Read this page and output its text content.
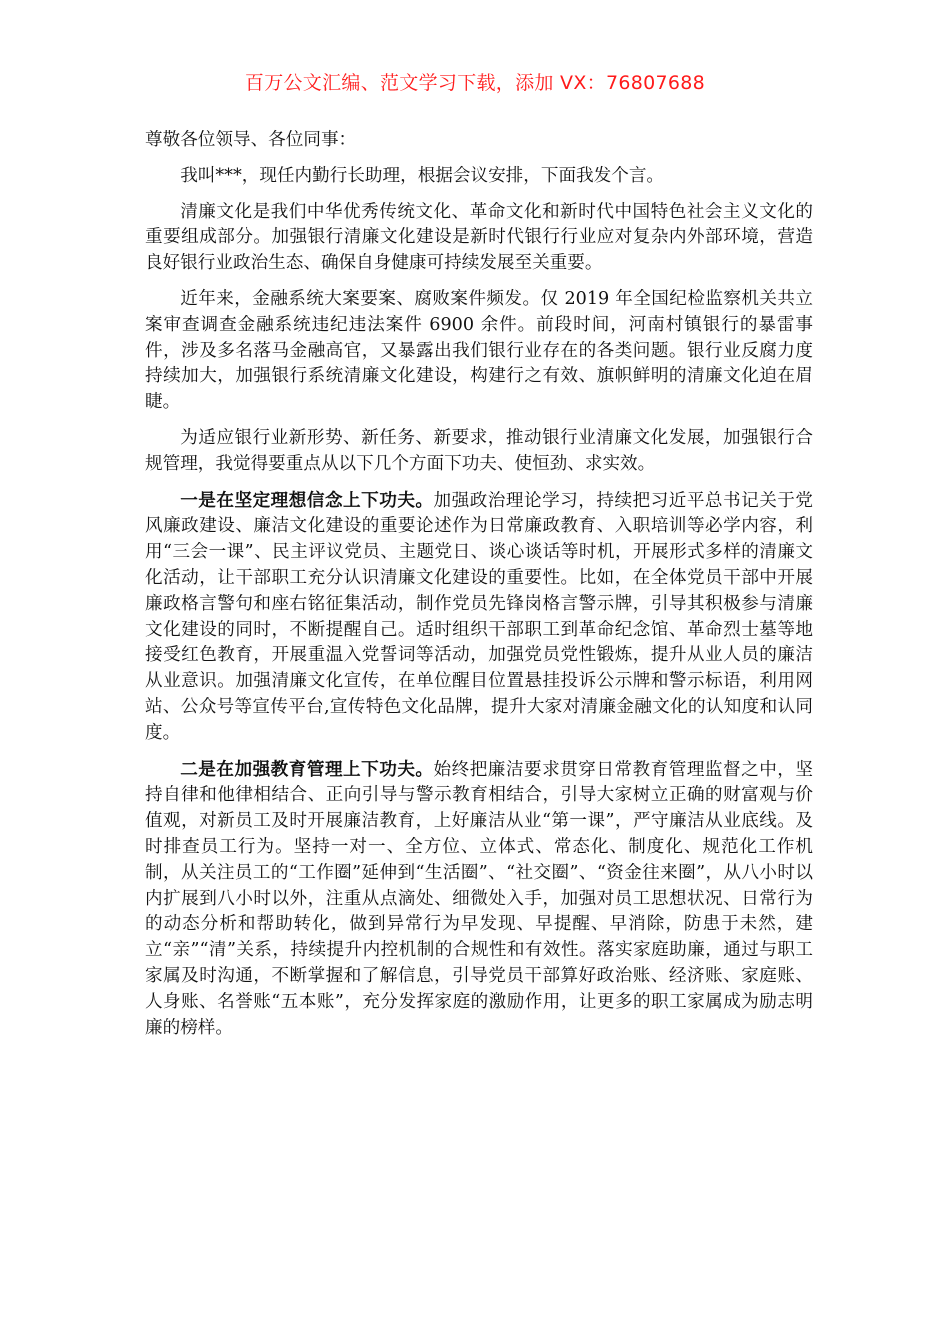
百万公文汇编、范文学习下载，添加 VX：76807688

尊敬各位领导、各位同事：

我叫***，现任内勤行长助理，根据会议安排，下面我发个言。

清廉文化是我们中华优秀传统文化、革命文化和新时代中国特色社会主义文化的重要组成部分。加强银行清廉文化建设是新时代银行行业应对复杂内外部环境，营造良好银行业政治生态、确保自身健康可持续发展至关重要。

近年来，金融系统大案要案、腐败案件频发。仅 2019 年全国纪检监察机关共立案审查调查金融系统违纪违法案件 6900 余件。前段时间，河南村镇银行的暴雷事件，涉及多名落马金融高官，又暴露出我们银行业存在的各类问题。银行业反腐力度持续加大，加强银行系统清廉文化建设，构建行之有效、旗帜鲜明的清廉文化迫在眉睫。

为适应银行业新形势、新任务、新要求，推动银行业清廉文化发展，加强银行合规管理，我觉得要重点从以下几个方面下功夫、使恒劲、求实效。

一是在坚定理想信念上下功夫。加强政治理论学习，持续把习近平总书记关于党风廉政建设、廉洁文化建设的重要论述作为日常廉政教育、入职培训等必学内容，利用“三会一课”、民主评议党员、主题党日、谈心谈话等时机，开展形式多样的清廉文化活动，让干部职工充分认识清廉文化建设的重要性。比如，在全体党员干部中开展廉政格言警句和座右铭征集活动，制作党员先锋岗格言警示牌，引导其积极参与清廉文化建设的同时，不断提醒自己。适时组织干部职工到革命纪念馆、革命烈士墓等地接受红色教育，开展重温入党誓词等活动，加强党员党性锻炼，提升从业人员的廉洁从业意识。加强清廉文化宣传，在单位醒目位置悬挂投诉公示牌和警示标语，利用网站、公众号等宣传平台,宣传特色文化品牌，提升大家对清廉金融文化的认知度和认同度。

二是在加强教育管理上下功夫。始终把廉洁要求贯穿日常教育管理监督之中，坚持自律和他律相结合、正向引导与警示教育相结合，引导大家树立正确的财富观与价值观，对新员工及时开展廉洁教育，上好廉洁从业“第一课”，严守廉洁从业底线。及时排查员工行为。坚持一对一、全方位、立体式、常态化、制度化、规范化工作机制，从关注员工的“工作圈”延伸到“生活圈”、“社交圈”、“资金往来圈”，从八小时以内扩展到八小时以外，注重从点滴处、细微处入手，加强对员工思想状况、日常行为的动态分析和帮助转化，做到异常行为早发现、早提醒、早消除，防患于未然，建立“亲”“清”关系，持续提升内控机制的合规性和有效性。落实家庭助廉，通过与职工家属及时沟通，不断掌握和了解信息，引导党员干部算好政治账、经济账、家庭账、人身账、名誉账“五本账”，充分发挥家庭的激励作用，让更多的职工家属成为励志明廉的榜样。
